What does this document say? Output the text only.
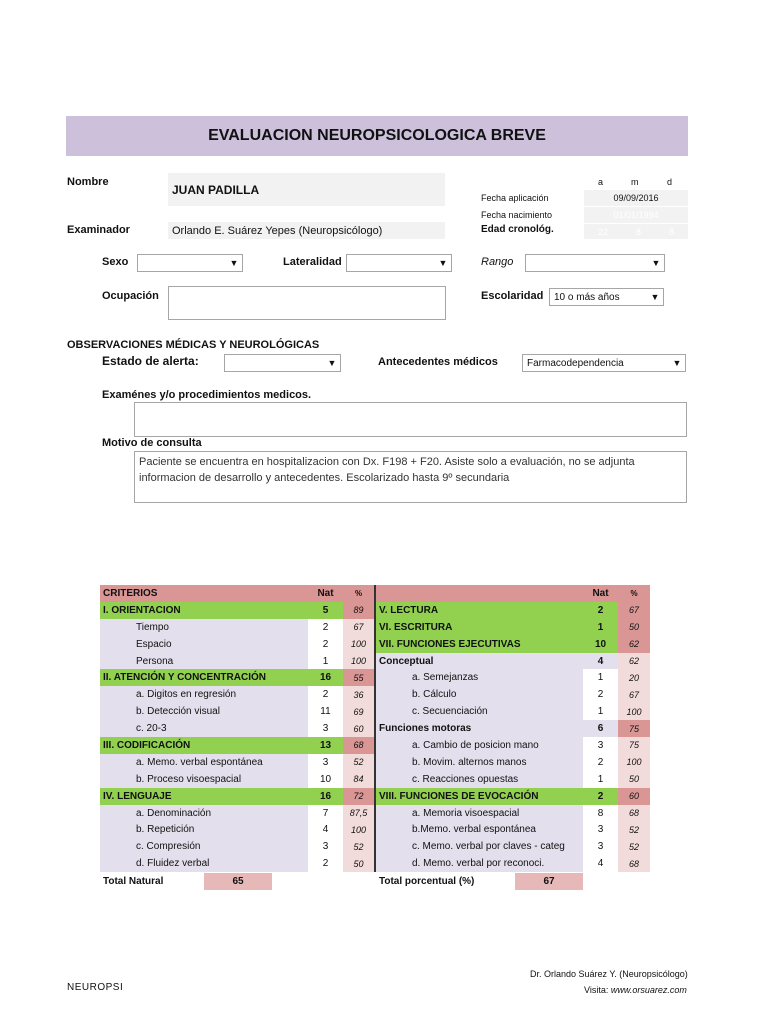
EVALUACION NEUROPSICOLOGICA BREVE
Nombre
JUAN PADILLA
Examinador	Orlando E. Suárez Yepes (Neuropsicólogo)
a	m	d
Fecha aplicación	09/09/2016
Fecha nacimiento	01/01/1994
Edad cronológ.	22	8	8
Sexo	▼	Lateralidad	▼	Rango	▼
Ocupación	Escolaridad 10 o más años	▼
OBSERVACIONES MÉDICAS Y NEUROLÓGICAS
Estado de alerta:	▼	Antecedentes médicos	Farmacodependencia	▼
Examénes y/o procedimientos medicos.
Motivo de consulta
Paciente se encuentra en hospitalizacion con Dx. F198 + F20. Asiste solo a evaluación, no se adjunta informacion de desarrollo y antecedentes. Escolarizado hasta 9º secundaria
CRITERIOS	Nat	%		Nat	%
I. ORIENTACION	5	89	V. LECTURA	2	67
Tiempo	2	67	VI. ESCRITURA	1	50
Espacio	2	100	VII. FUNCIONES EJECUTIVAS	10	62
Persona	1	100	Conceptual	4	62
II. ATENCIÓN Y CONCENTRACIÓN	16	55	a. Semejanzas	1	20
a. Digitos en regresión	2	36	b. Cálculo	2	67
b. Detección visual	11	69	c. Secuenciación	1	100
c. 20-3	3	60	Funciones motoras	6	75
III. CODIFICACIÓN	13	68	a. Cambio de posicion mano	3	75
a. Memo. verbal espontánea	3	52	b. Movim. alternos manos	2	100
b. Proceso visoespacial	10	84	c. Reacciones opuestas	1	50
IV. LENGUAJE	16	72	VIII. FUNCIONES DE EVOCACIÓN	2	60
a. Denominación	7	87,5	a. Memoria visoespacial	8	68
b. Repetición	4	100	b.Memo. verbal espontánea	3	52
c. Compresión	3	52	c. Memo. verbal por claves - categ	3	52
d. Fluidez verbal	2	50	d. Memo. verbal por reconoci.	4	68
Total Natural	65	Total porcentual (%)	67
NEUROPSI
Dr. Orlando Suárez Y. (Neuropsicólogo)
Visita: www.orsuarez.com
